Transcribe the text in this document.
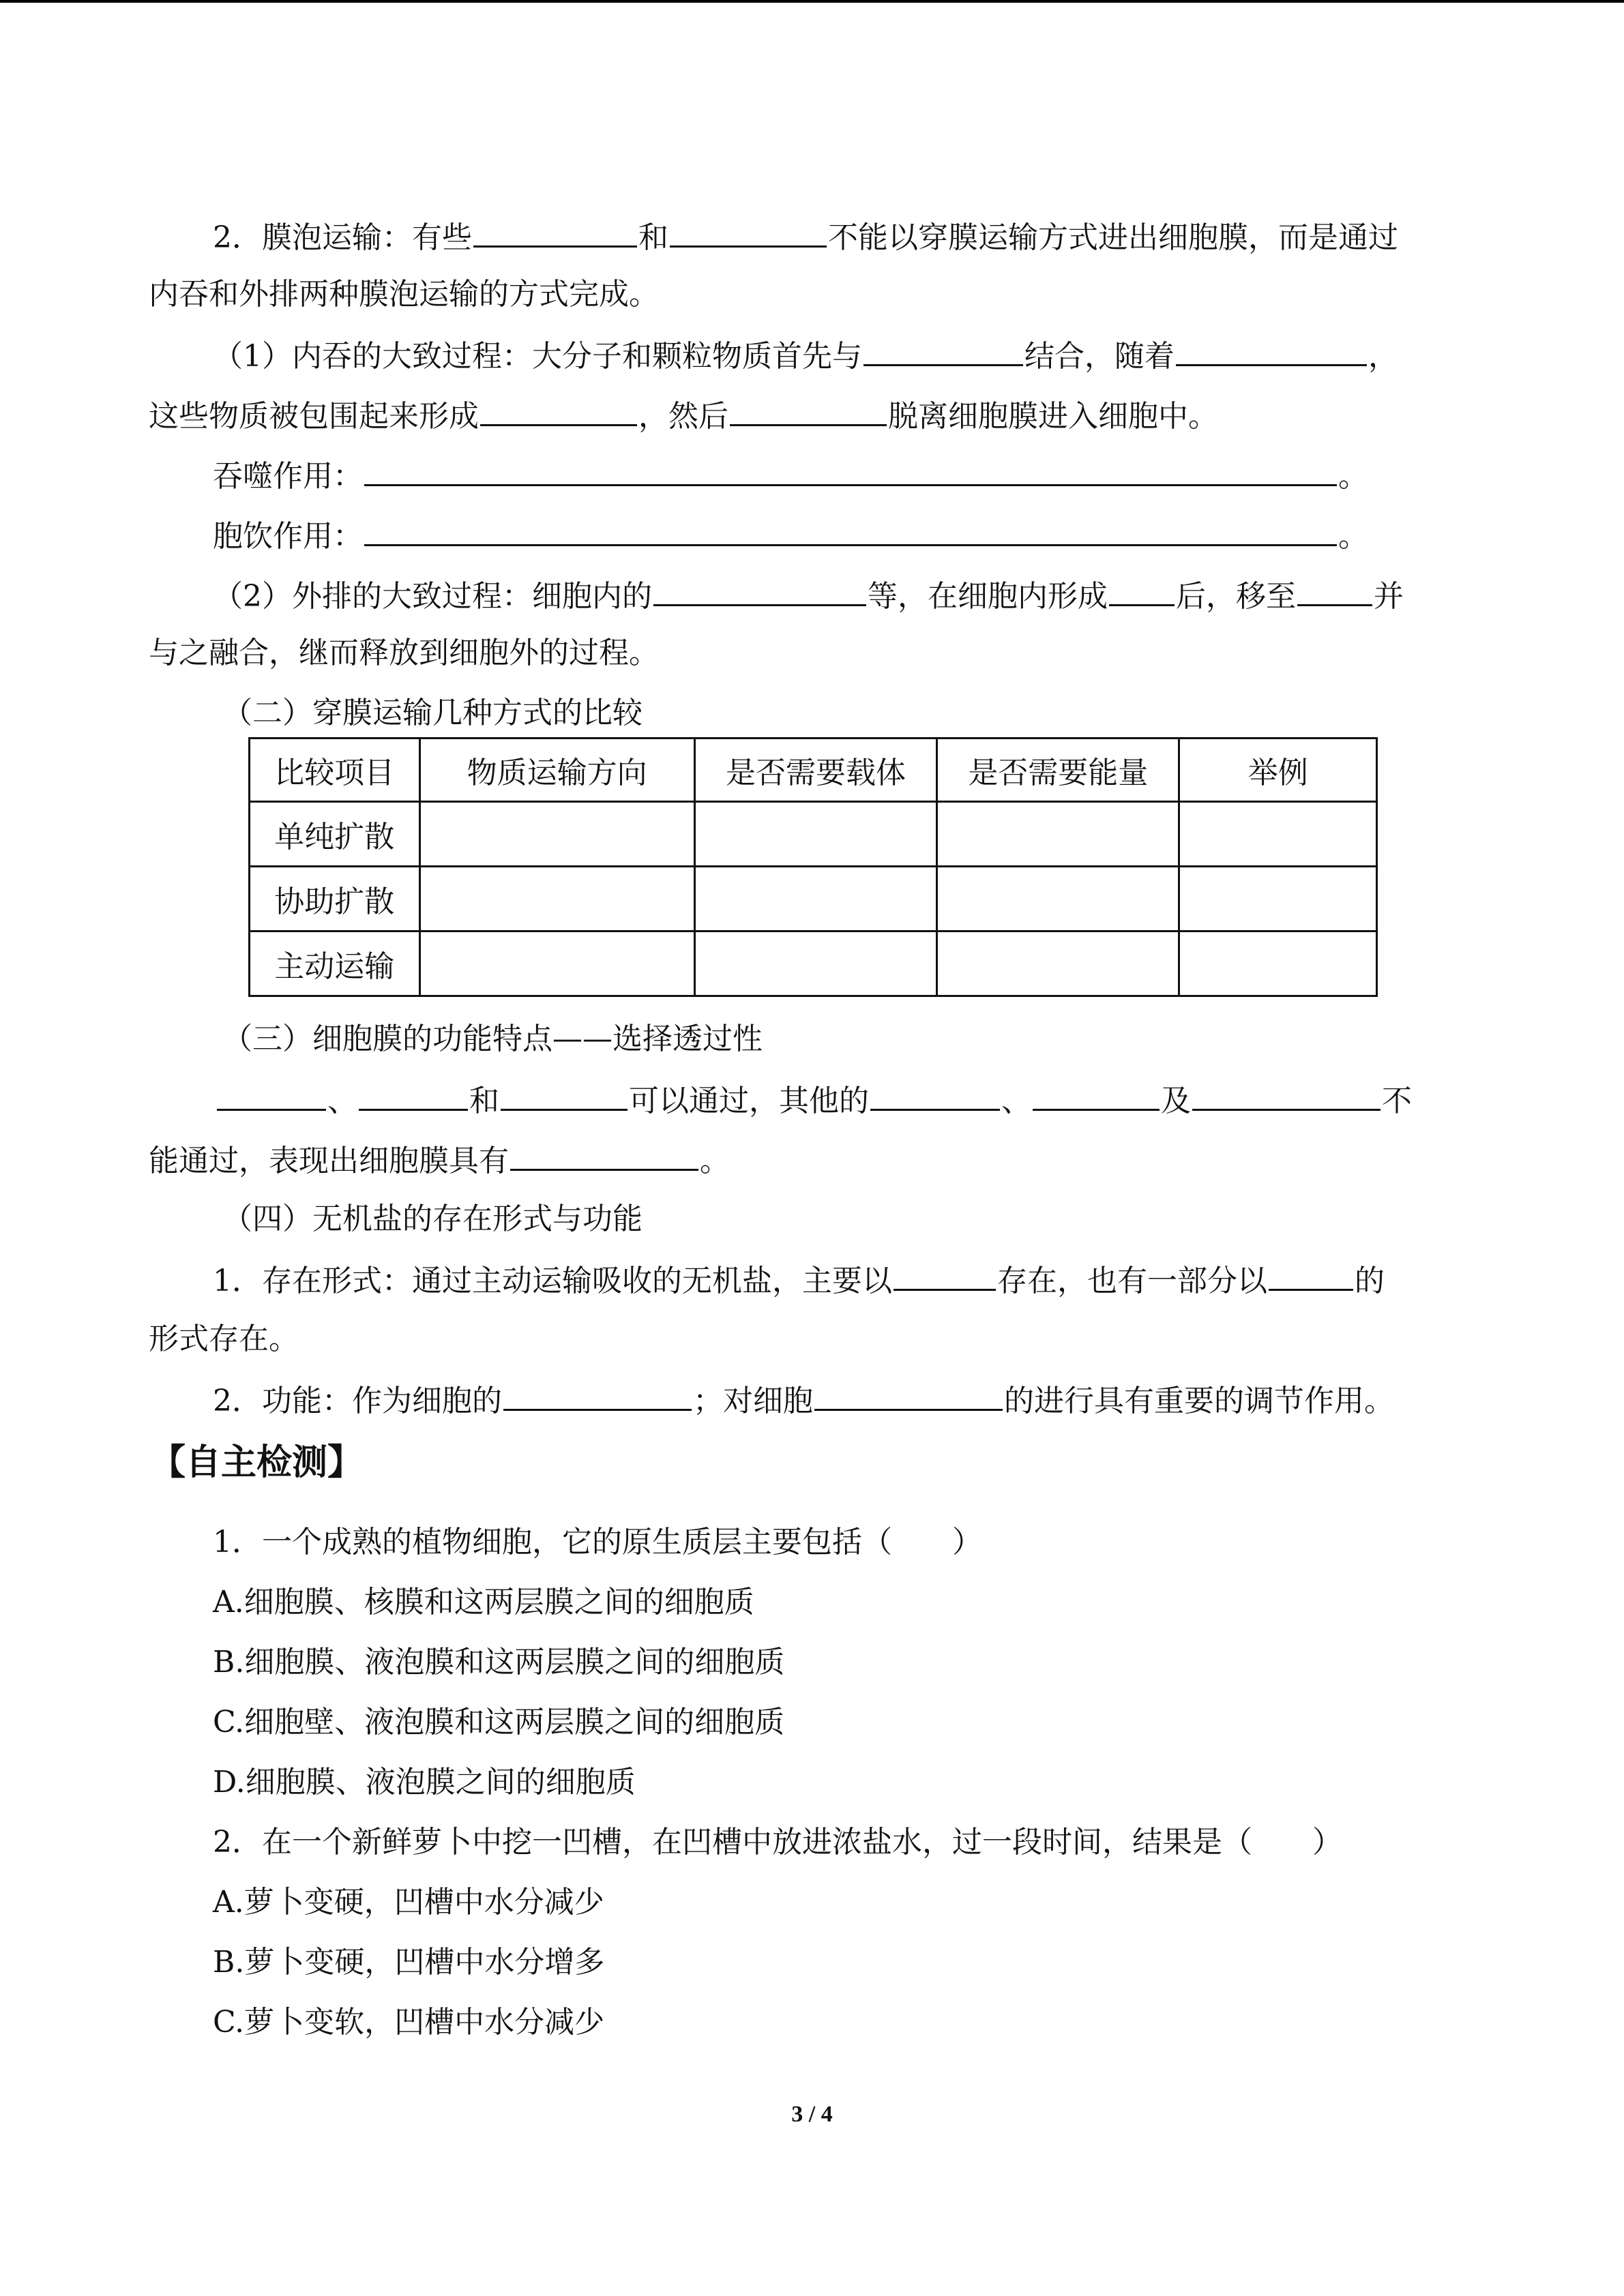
2．膜泡运输：有些	和	不能以穿膜运输方式进出细胞膜，而是通过
内吞和外排两种膜泡运输的方式完成。
（1）内吞的大致过程：大分子和颗粒物质首先与	结合，随着	，
这些物质被包围起来形成	，然后	脱离细胞膜进入细胞中。
吞噬作用：	。
胞饮作用：	。
（2）外排的大致过程：细胞内的	等，在细胞内形成 后，移至	并
与之融合，继而释放到细胞外的过程。
（二）穿膜运输几种方式的比较
比较项目	物质运输方向	是否需要载体	是否需要能量	举例
单纯扩散				
协助扩散				
主动运输				
（三）细胞膜的功能特点——选择透过性
、	和	可以通过，其他的	、	及	不
能通过，表现出细胞膜具有	。
（四）无机盐的存在形式与功能
1．存在形式：通过主动运输吸收的无机盐，主要以	存在，也有一部分以	的
形式存在。
2．功能：作为细胞的	；对细胞	的进行具有重要的调节作用。
【自主检测】
1．一个成熟的植物细胞，它的原生质层主要包括（　　）
A.细胞膜、核膜和这两层膜之间的细胞质
B.细胞膜、液泡膜和这两层膜之间的细胞质
C.细胞壁、液泡膜和这两层膜之间的细胞质
D.细胞膜、液泡膜之间的细胞质
2．在一个新鲜萝卜中挖一凹槽，在凹槽中放进浓盐水，过一段时间，结果是（　　）
A.萝卜变硬，凹槽中水分减少
B.萝卜变硬，凹槽中水分增多
C.萝卜变软，凹槽中水分减少
3 / 4
